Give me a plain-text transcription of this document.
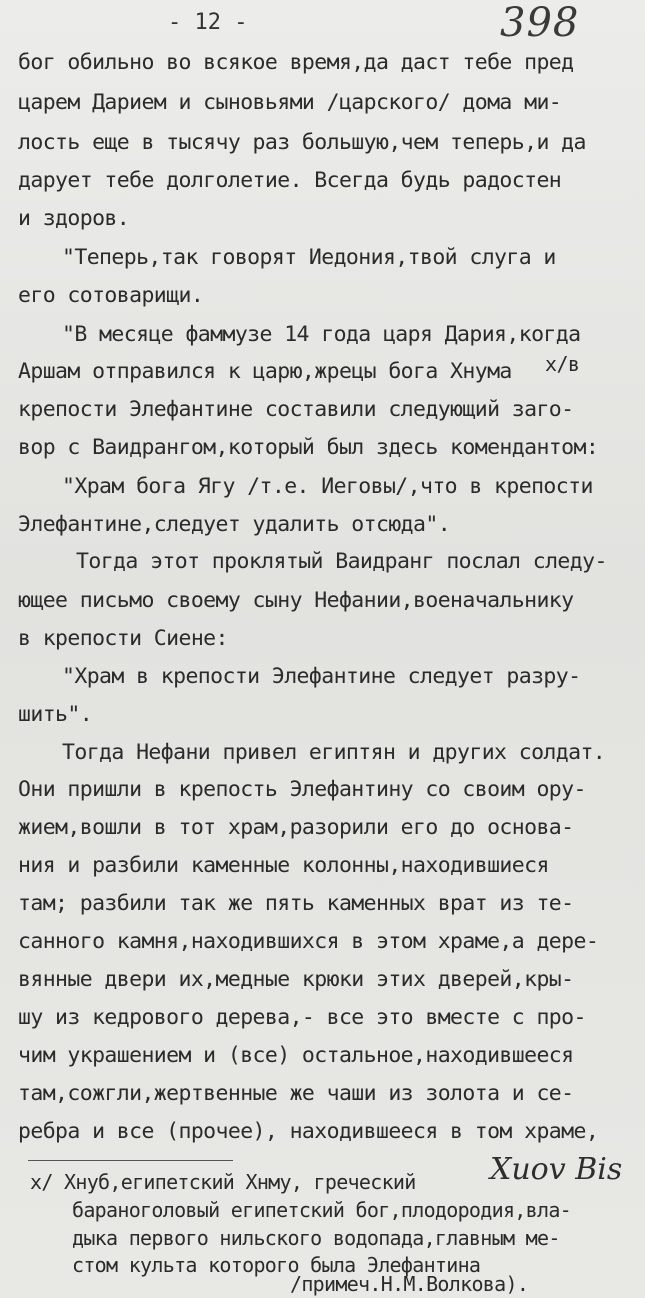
- 12 -	398
бог обильно во всякое время,да даст тебе пред
царем Дарием и сыновьями /царского/ дома ми-
лость еще в тысячу раз большую,чем теперь,и да
дарует тебе долголетие. Всегда будь радостен
и здоров.
"Теперь,так говорят Иедония,твой слуга и
его сотоварищи.
"В месяце фаммузе 14 года царя Дария,когда
Аршам отправился к царю,жрецы бога Хнума х/в
крепости Элефантине составили следующий заго-
вор с Ваидрангом,который был здесь комендантом:
"Храм бога Ягу /т.е. Иеговы/,что в крепости
Элефантине,следует удалить отсюда".
Тогда этот проклятый Ваидранг послал следу-
ющее письмо своему сыну Нефании,военачальнику
в крепости Сиене:
"Храм в крепости Элефантине следует разру-
шить".
Тогда Нефани привел египтян и других солдат.
Они пришли в крепость Элефантину со своим ору-
жием,вошли в тот храм,разорили его до основа-
ния и разбили каменные колонны,находившиеся
там; разбили так же пять каменных врат из те-
санного камня,находившихся в этом храме,а дере-
вянные двери их,медные крюки этих дверей,кры-
шу из кедрового дерева,- все это вместе с про-
чим украшением и (все) остальное,находившееся
там,сожгли,жертвенные же чаши из золота и се-
ребра и все (прочее), находившееся в том храме,
Xuov Bis
х/ Хнуб,египетский Хнму, греческий
бараноголовый египетский бог,плодородия,вла-
дыка первого нильского водопада,главным ме-
стом культа которого была Элефантина
/примеч.Н.М.Волкова).
